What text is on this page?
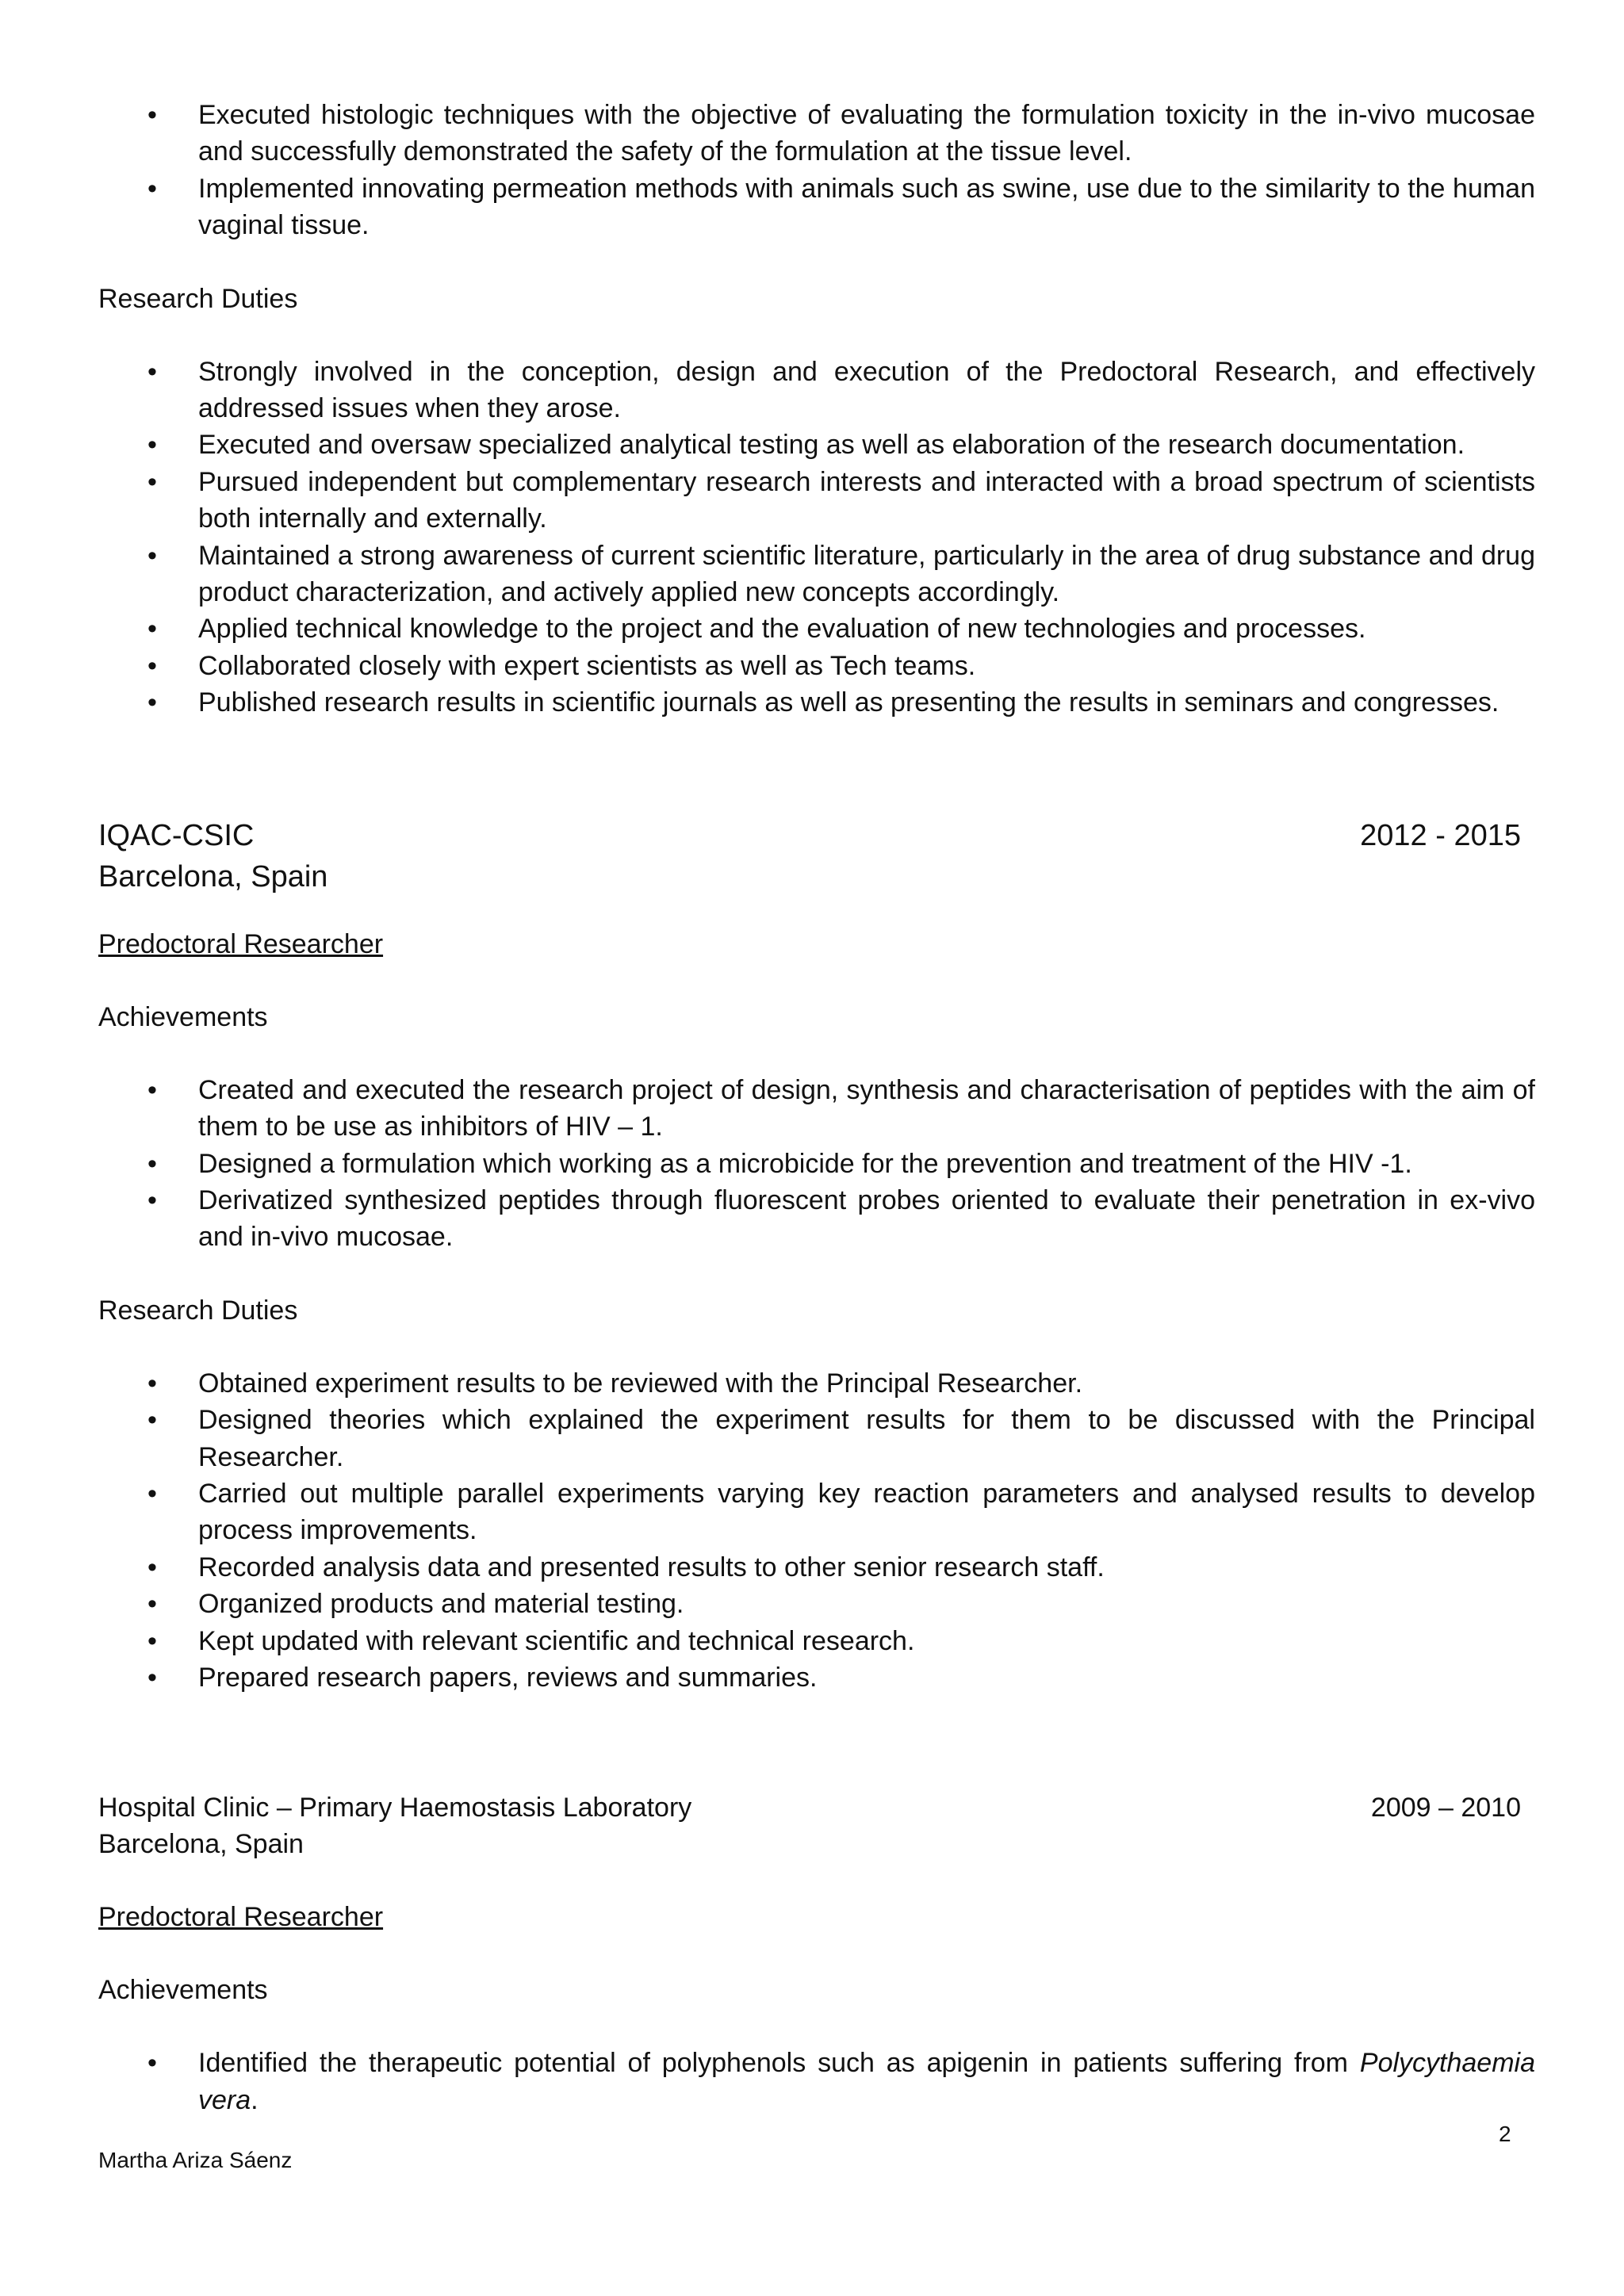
• Executed histologic techniques with the objective of evaluating the formulation toxicity in the in-vivo mucosae and successfully demonstrated the safety of the formulation at the tissue level.
• Implemented innovating permeation methods with animals such as swine, use due to the similarity to the human vaginal tissue.

Research Duties

• Strongly involved in the conception, design and execution of the Predoctoral Research, and effectively addressed issues when they arose.
• Executed and oversaw specialized analytical testing as well as elaboration of the research documentation.
• Pursued independent but complementary research interests and interacted with a broad spectrum of scientists both internally and externally.
• Maintained a strong awareness of current scientific literature, particularly in the area of drug substance and drug product characterization, and actively applied new concepts accordingly.
• Applied technical knowledge to the project and the evaluation of new technologies and processes.
• Collaborated closely with expert scientists as well as Tech teams.
• Published research results in scientific journals as well as presenting the results in seminars and congresses.
IQAC-CSIC	2012 - 2015
Barcelona, Spain

Predoctoral Researcher

Achievements

• Created and executed the research project of design, synthesis and characterisation of peptides with the aim of them to be use as inhibitors of HIV – 1.
• Designed a formulation which working as a microbicide for the prevention and treatment of the HIV -1.
• Derivatized synthesized peptides through fluorescent probes oriented to evaluate their penetration in ex-vivo and in-vivo mucosae.

Research Duties

• Obtained experiment results to be reviewed with the Principal Researcher.
• Designed theories which explained the experiment results for them to be discussed with the Principal Researcher.
• Carried out multiple parallel experiments varying key reaction parameters and analysed results to develop process improvements.
• Recorded analysis data and presented results to other senior research staff.
• Organized products and material testing.
• Kept updated with relevant scientific and technical research.
• Prepared research papers, reviews and summaries.
Hospital Clinic – Primary Haemostasis Laboratory	2009 – 2010
Barcelona, Spain

Predoctoral Researcher

Achievements

• Identified the therapeutic potential of polyphenols such as apigenin in patients suffering from Polycythaemia vera.
2
Martha Ariza Sáenz
